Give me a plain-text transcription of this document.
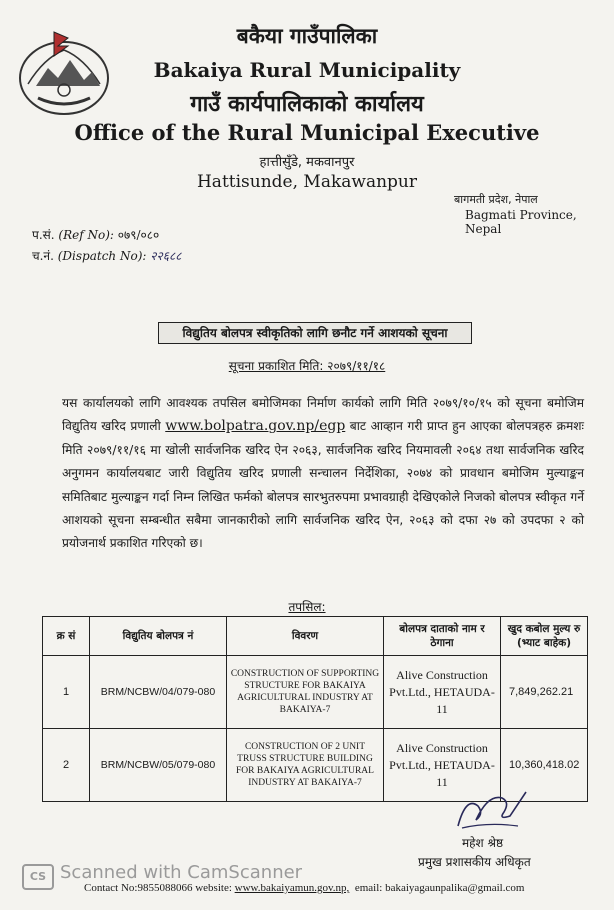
बकैया गाउँपालिका
Bakaiya Rural Municipality
गाउँ कार्यपालिकाको कार्यालय
Office of the Rural Municipal Executive
हात्तीसुँडे, मकवानपुर
Hattisunde, Makawanpur
बागमती प्रदेश, नेपाल
Bagmati Province, Nepal
प.सं. (Ref No): ०७९/०८०
च.नं. (Dispatch No): २२६८८
विद्युतिय बोलपत्र स्वीकृतिको लागि छनौट गर्ने आशयको सूचना
सूचना प्रकाशित मिति: २०७९/११/१८
यस कार्यालयको लागि आवश्यक तपसिल बमोजिमका निर्माण कार्यको लागि मिति २०७९/१०/१५ को सूचना बमोजिम विद्युतिय खरिद प्रणाली www.bolpatra.gov.np/egp बाट आव्हान गरी प्राप्त हुन आएका बोलपत्रहरु क्रमशः मिति २०७९/११/१६ मा खोली सार्वजनिक खरिद ऐन २०६३, सार्वजनिक खरिद नियमावली २०६४ तथा सार्वजनिक खरिद अनुगमन कार्यालयबाट जारी विद्युतिय खरिद प्रणाली सन्चालन निर्देशिका, २०७४ को प्रावधान बमोजिम मुल्याङ्कन समितिबाट मुल्याङ्कन गर्दा निम्न लिखित फर्मको बोलपत्र सारभुतरुपमा प्रभावग्राही देखिएकोले निजको बोलपत्र स्वीकृत गर्ने आशयको सूचना सम्बन्धीत सबैमा जानकारीको लागि सार्वजनिक खरिद ऐन, २०६३ को दफा २७ को उपदफा २ को प्रयोजनार्थ प्रकाशित गरिएको छ।
तपसिल:
क्र सं	विद्युतिय बोलपत्र नं	विवरण	बोलपत्र दाताको नाम र ठेगाना	खुद कबोल मुल्य रु (भ्याट बाहेक)
1	BRM/NCBW/04/079-080	CONSTRUCTION OF SUPPORTING STRUCTURE FOR BAKAIYA AGRICULTURAL INDUSTRY AT BAKAIYA-7	Alive Construction Pvt.Ltd., HETAUDA-11	7,849,262.21
2	BRM/NCBW/05/079-080	CONSTRUCTION OF 2 UNIT TRUSS STRUCTURE BUILDING FOR BAKAIYA AGRICULTURAL INDUSTRY AT BAKAIYA-7	Alive Construction Pvt.Ltd., HETAUDA-11	10,360,418.02
महेश श्रेष्ठ
प्रमुख प्रशासकीय अधिकृत
CS Scanned with CamScanner
Contact No:9855088066 website: www.bakaiyamun.gov.np, email: bakaiyagaunpalika@gmail.com
